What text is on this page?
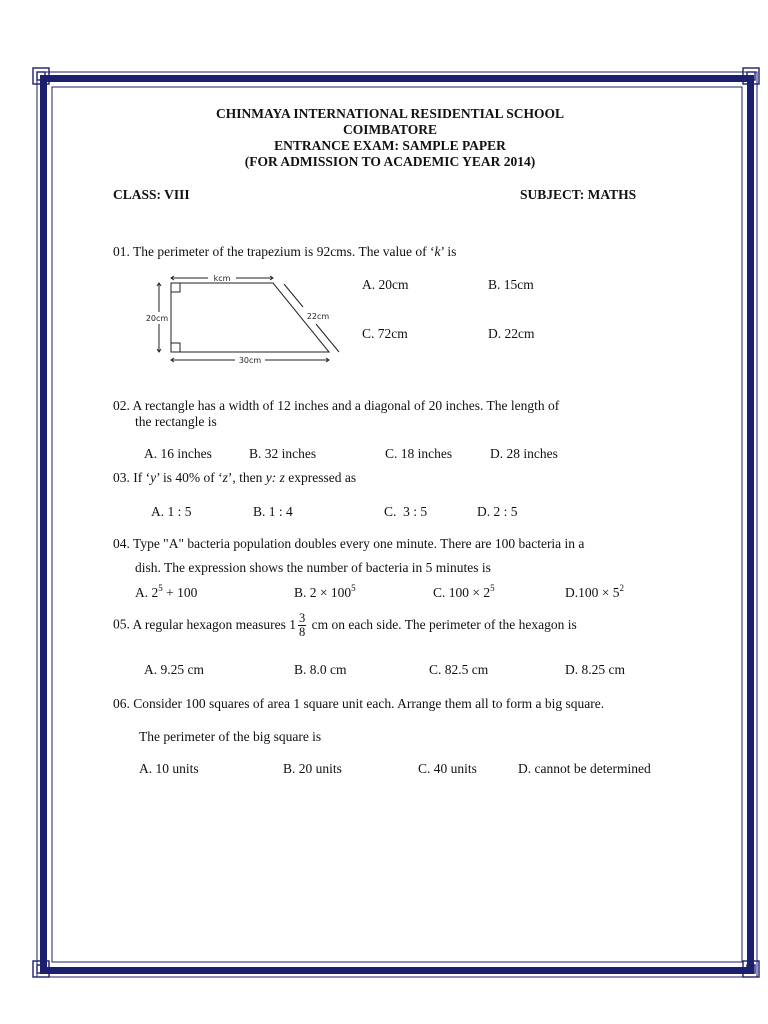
CHINMAYA INTERNATIONAL RESIDENTIAL SCHOOL
COIMBATORE
ENTRANCE EXAM: SAMPLE PAPER
(FOR ADMISSION TO ACADEMIC YEAR 2014)
CLASS: VIII	SUBJECT: MATHS
01. The perimeter of the trapezium is 92cms. The value of ‘k’ is
kcm
20cm	22cm
30cm
A. 20cm	B. 15cm
C. 72cm	D. 22cm
02. A rectangle has a width of 12 inches and a diagonal of 20 inches. The length of
the rectangle is
A. 16 inches	B. 32 inches	C. 18 inches	D. 28 inches
03. If ‘y’ is 40% of ‘z’, then y: z expressed as
A. 1 : 5	B. 1 : 4	C.  3 : 5	D. 2 : 5
04. Type "A" bacteria population doubles every one minute. There are 100 bacteria in a
dish. The expression shows the number of bacteria in 5 minutes is
A. $2^5 + 100$	B. $2 \times 100^5$	C. $100 \times 2^5$	$D.100 \times 5^2$
05. A regular hexagon measures $1 \frac{3}{8}$ cm on each side. The perimeter of the hexagon is
A. 9.25 cm	B. 8.0 cm	C. 82.5 cm	D. 8.25 cm
06. Consider 100 squares of area 1 square unit each. Arrange them all to form a big square.
The perimeter of the big square is
A. 10 units	B. 20 units	C. 40 units	D. cannot be determined
